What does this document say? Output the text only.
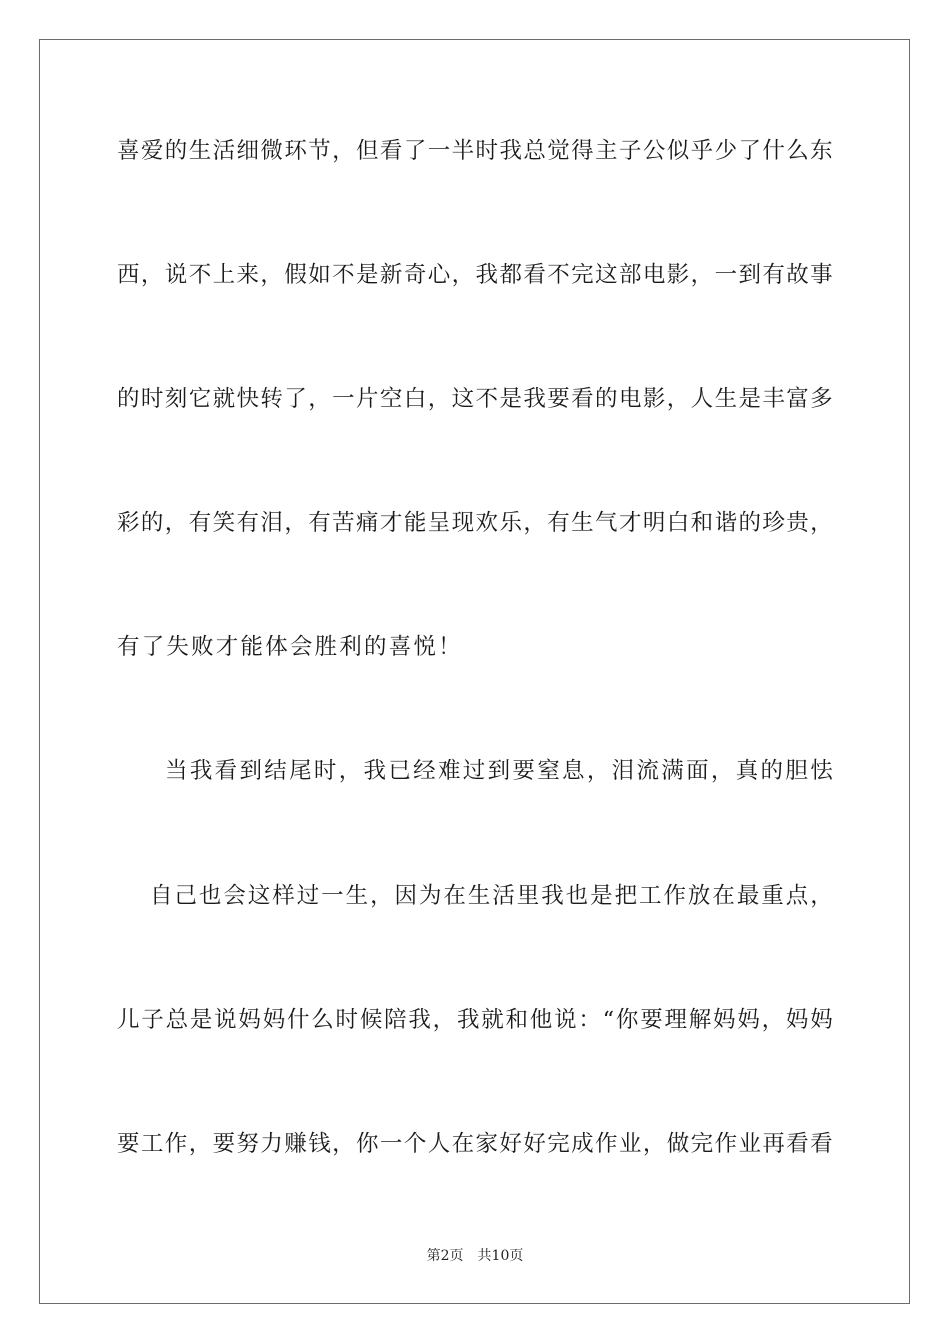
喜爱的生活细微环节，但看了一半时我总觉得主子公似乎少了什么东
西，说不上来，假如不是新奇心，我都看不完这部电影，一到有故事
的时刻它就快转了，一片空白，这不是我要看的电影，人生是丰富多
彩的，有笑有泪，有苦痛才能呈现欢乐，有生气才明白和谐的珍贵，
有了失败才能体会胜利的喜悦！
当我看到结尾时，我已经难过到要窒息，泪流满面，真的胆怯
自己也会这样过一生，因为在生活里我也是把工作放在最重点，
儿子总是说妈妈什么时候陪我，我就和他说：“你要理解妈妈，妈妈
要工作，要努力赚钱，你一个人在家好好完成作业，做完作业再看看
第2页　共10页
